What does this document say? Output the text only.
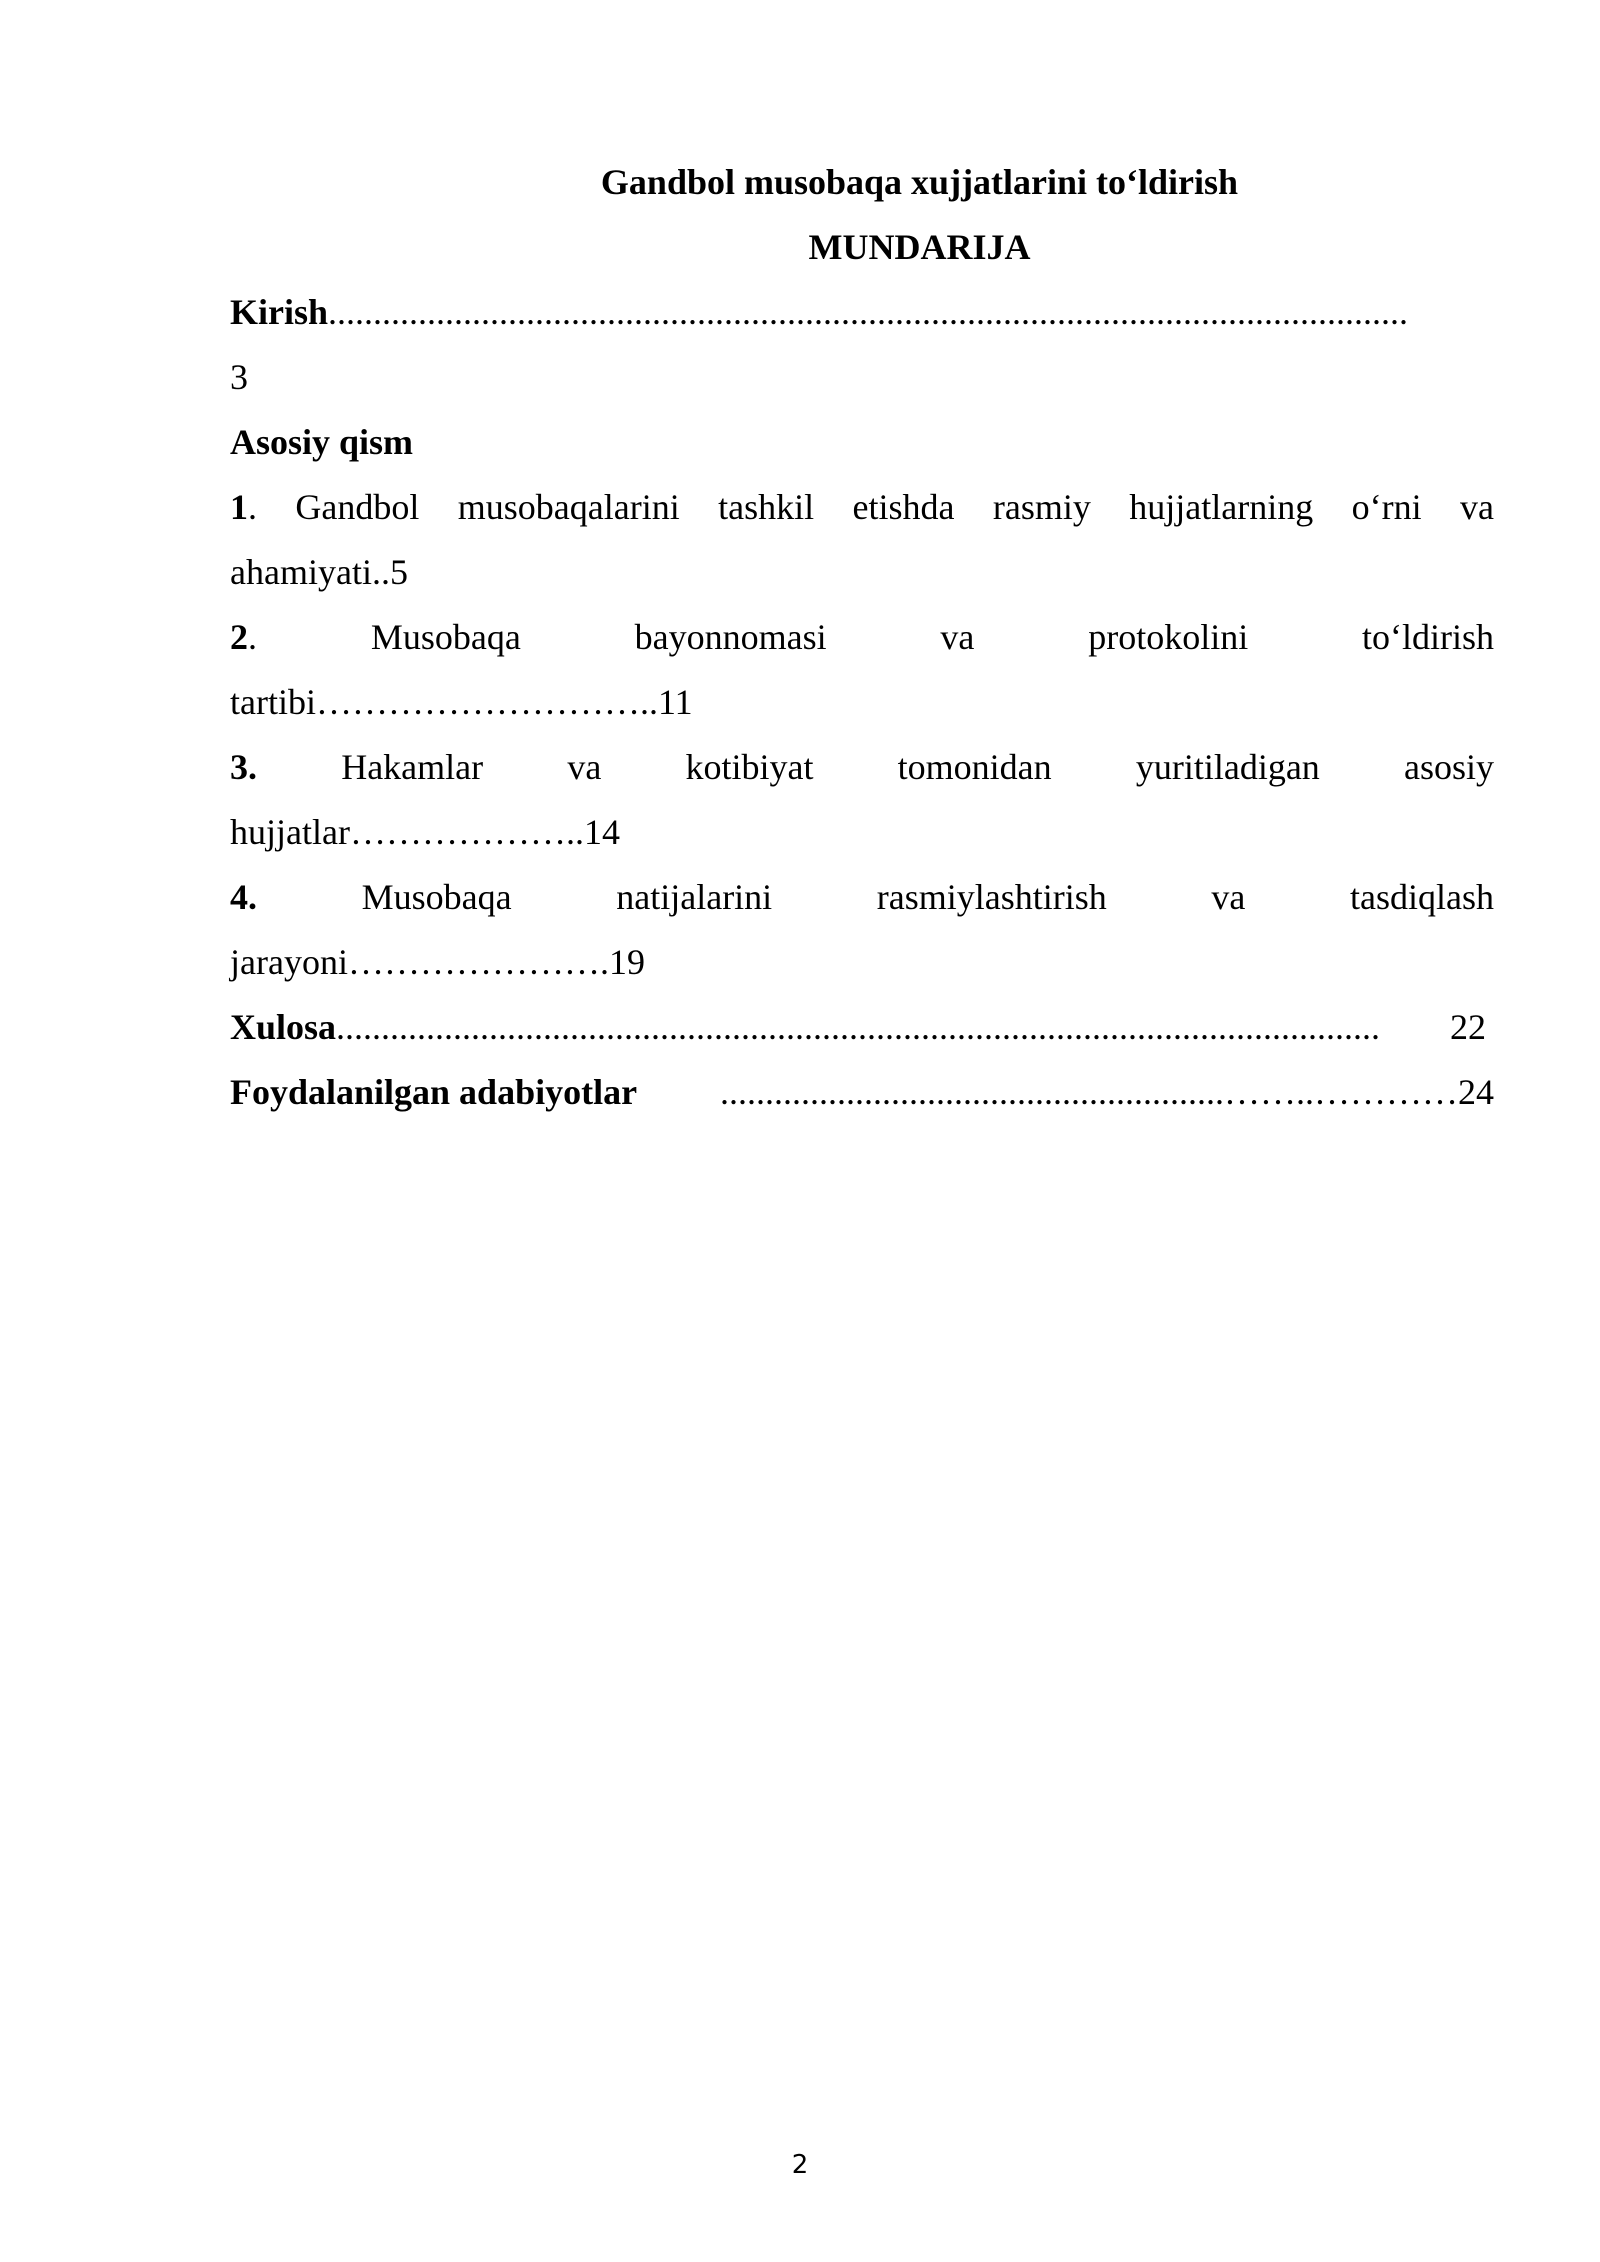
Gandbol musobaqa xujjatlarini to‘ldirish
MUNDARIJA
Kirish ........................................................................................................................
3
Asosiy qism
1. Gandbol musobaqalarini tashkil etishda rasmiy hujjatlarning o‘rni va
ahamiyati..5
2.	Musobaqa bayonnomasi va protokolini to‘ldirish
tartibi………………………..11
3. Hakamlar va kotibiyat tomonidan yuritiladigan asosiy
hujjatlar………………..14
4.	Musobaqa natijalarini rasmiylashtirish va tasdiqlash
jarayoni………………….19
Xulosa ....................................................................................................................	22
Foydalanilgan adabiyotlar	........................................................……..………… 24
2
